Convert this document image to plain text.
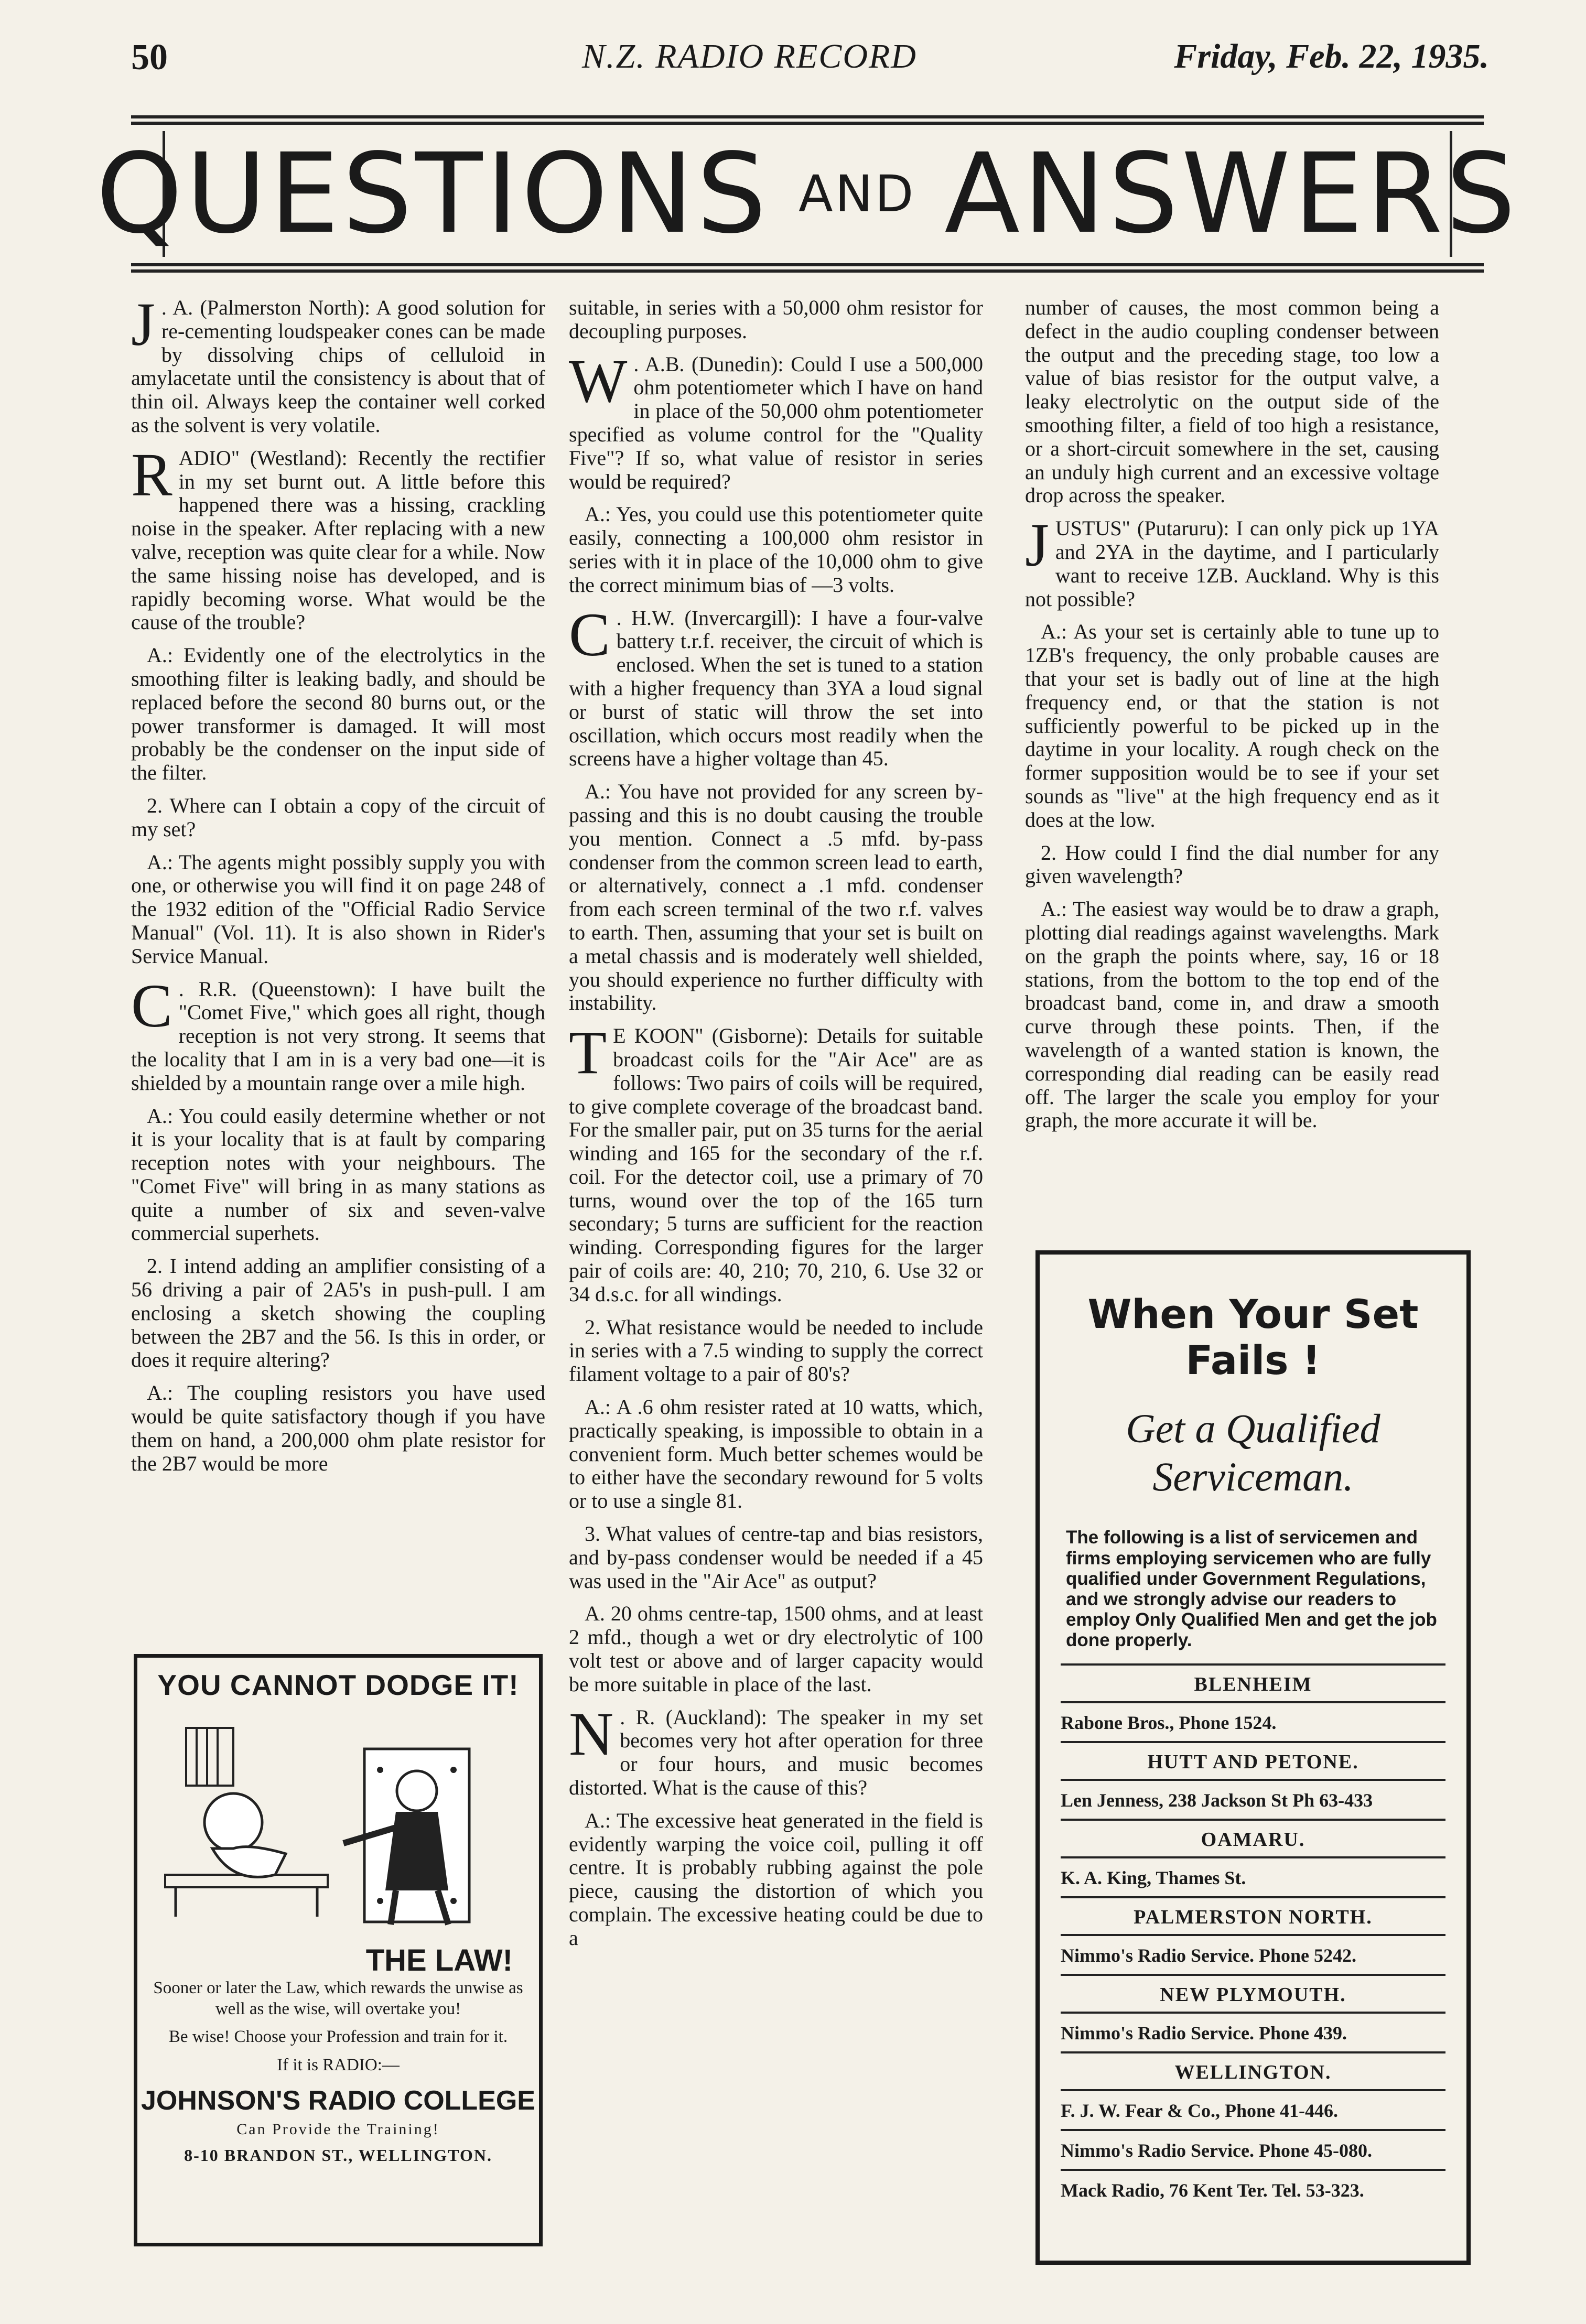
50	N.Z. RADIO RECORD	Friday, Feb. 22, 1935.
QUESTIONS AND ANSWERS

J . A. (Palmerston North): A good solution for re-cementing loudspeaker cones can be made by dissolving chips of celluloid in amylacetate until the consistency is about that of thin oil. Always keep the container well corked as the solvent is very volatile.

RADIO" (Westland): Recently the rectifier in my set burnt out. A little before this happened there was a hissing, crackling noise in the speaker. After replacing with a new valve, reception was quite clear for a while. Now the same hissing noise has developed, and is rapidly becoming worse. What would be the cause of the trouble?

A.: Evidently one of the electrolytics in the smoothing filter is leaking badly, and should be replaced before the second 80 burns out, or the power transformer is damaged. It will most probably be the condenser on the input side of the filter.

2. Where can I obtain a copy of the circuit of my set?

A.: The agents might possibly supply you with one, or otherwise you will find it on page 248 of the 1932 edition of the "Official Radio Service Manual" (Vol. 11). It is also shown in Rider's Service Manual.

C . R.R. (Queenstown): I have built the "Comet Five," which goes all right, though reception is not very strong. It seems that the locality that I am in is a very bad one—it is shielded by a mountain range over a mile high.

A.: You could easily determine whether or not it is your locality that is at fault by comparing reception notes with your neighbours. The "Comet Five" will bring in as many stations as quite a number of six and seven-valve commercial superhets.

2. I intend adding an amplifier consisting of a 56 driving a pair of 2A5's in push-pull. I am enclosing a sketch showing the coupling between the 2B7 and the 56. Is this in order, or does it require altering?

A.: The coupling resistors you have used would be quite satisfactory though if you have them on hand, a 200,000 ohm plate resistor for the 2B7 would be more

suitable, in series with a 50,000 ohm resistor for decoupling purposes.

W . A.B. (Dunedin): Could I use a 500,000 ohm potentiometer which I have on hand in place of the 50,000 ohm potentiometer specified as volume control for the "Quality Five"? If so, what value of resistor in series would be required?

A.: Yes, you could use this potentiometer quite easily, connecting a 100,000 ohm resistor in series with it in place of the 10,000 ohm to give the correct minimum bias of —3 volts.

C . H.W. (Invercargill): I have a four-valve battery t.r.f. receiver, the circuit of which is enclosed. When the set is tuned to a station with a higher frequency than 3YA a loud signal or burst of static will throw the set into oscillation, which occurs most readily when the screens have a higher voltage than 45.

A.: You have not provided for any screen by-passing and this is no doubt causing the trouble you mention. Connect a .5 mfd. by-pass condenser from the common screen lead to earth, or alternatively, connect a .1 mfd. condenser from each screen terminal of the two r.f. valves to earth. Then, assuming that your set is built on a metal chassis and is moderately well shielded, you should experience no further difficulty with instability.

T E KOON" (Gisborne): Details for suitable broadcast coils for the "Air Ace" are as follows: Two pairs of coils will be required, to give complete coverage of the broadcast band. For the smaller pair, put on 35 turns for the aerial winding and 165 for the secondary of the r.f. coil. For the detector coil, use a primary of 70 turns, wound over the top of the 165 turn secondary; 5 turns are sufficient for the reaction winding. Corresponding figures for the larger pair of coils are: 40, 210; 70, 210, 6. Use 32 or 34 d.s.c. for all windings.

2. What resistance would be needed to include in series with a 7.5 winding to supply the correct filament voltage to a pair of 80's?

A.: A .6 ohm resister rated at 10 watts, which, practically speaking, is impossible to obtain in a convenient form. Much better schemes would be to either have the secondary rewound for 5 volts or to use a single 81.

3. What values of centre-tap and bias resistors, and by-pass condenser would be needed if a 45 was used in the "Air Ace" as output?

A. 20 ohms centre-tap, 1500 ohms, and at least 2 mfd., though a wet or dry electrolytic of 100 volt test or above and of larger capacity would be more suitable in place of the last.

N . R. (Auckland): The speaker in my set becomes very hot after operation for three or four hours, and music becomes distorted. What is the cause of this?

A.: The excessive heat generated in the field is evidently warping the voice coil, pulling it off centre. It is probably rubbing against the pole piece, causing the distortion of which you complain. The excessive heating could be due to a

number of causes, the most common being a defect in the audio coupling condenser between the output and the preceding stage, too low a value of bias resistor for the output valve, a leaky electrolytic on the output side of the smoothing filter, a field of too high a resistance, or a short-circuit somewhere in the set, causing an unduly high current and an excessive voltage drop across the speaker.

JUSTUS" (Putaruru): I can only pick up 1YA and 2YA in the daytime, and I particularly want to receive 1ZB. Auckland. Why is this not possible?

A.: As your set is certainly able to tune up to 1ZB's frequency, the only probable causes are that your set is badly out of line at the high frequency end, or that the station is not sufficiently powerful to be picked up in the daytime in your locality. A rough check on the former supposition would be to see if your set sounds as "live" at the high frequency end as it does at the low.

2. How could I find the dial number for any given wavelength?

A.: The easiest way would be to draw a graph, plotting dial readings against wavelengths. Mark on the graph the points where, say, 16 or 18 stations, from the bottom to the top end of the broadcast band, come in, and draw a smooth curve through these points. Then, if the wavelength of a wanted station is known, the corresponding dial reading can be easily read off. The larger the scale you employ for your graph, the more accurate it will be.

YOU CANNOT DODGE IT!
THE LAW!
Sooner or later the Law, which rewards the unwise as well as the wise, will overtake you!
Be wise! Choose your Profession and train for it.
If it is RADIO:—
JOHNSON'S RADIO COLLEGE
Can Provide the Training!
8-10 BRANDON ST., WELLINGTON.
When Your Set Fails !
Get a Qualified Serviceman.
The following is a list of servicemen and firms employing servicemen who are fully qualified under Government Regulations, and we strongly advise our readers to employ Only Qualified Men and get the job done properly.
BLENHEIM
Rabone Bros., Phone 1524.
HUTT AND PETONE.
Len Jenness, 238 Jackson St Ph 63-433
OAMARU.
K. A. King, Thames St.
PALMERSTON NORTH.
Nimmo's Radio Service. Phone 5242.
NEW PLYMOUTH.
Nimmo's Radio Service. Phone 439.
WELLINGTON.
F. J. W. Fear & Co., Phone 41-446.
Nimmo's Radio Service. Phone 45-080.
Mack Radio, 76 Kent Ter. Tel. 53-323.
